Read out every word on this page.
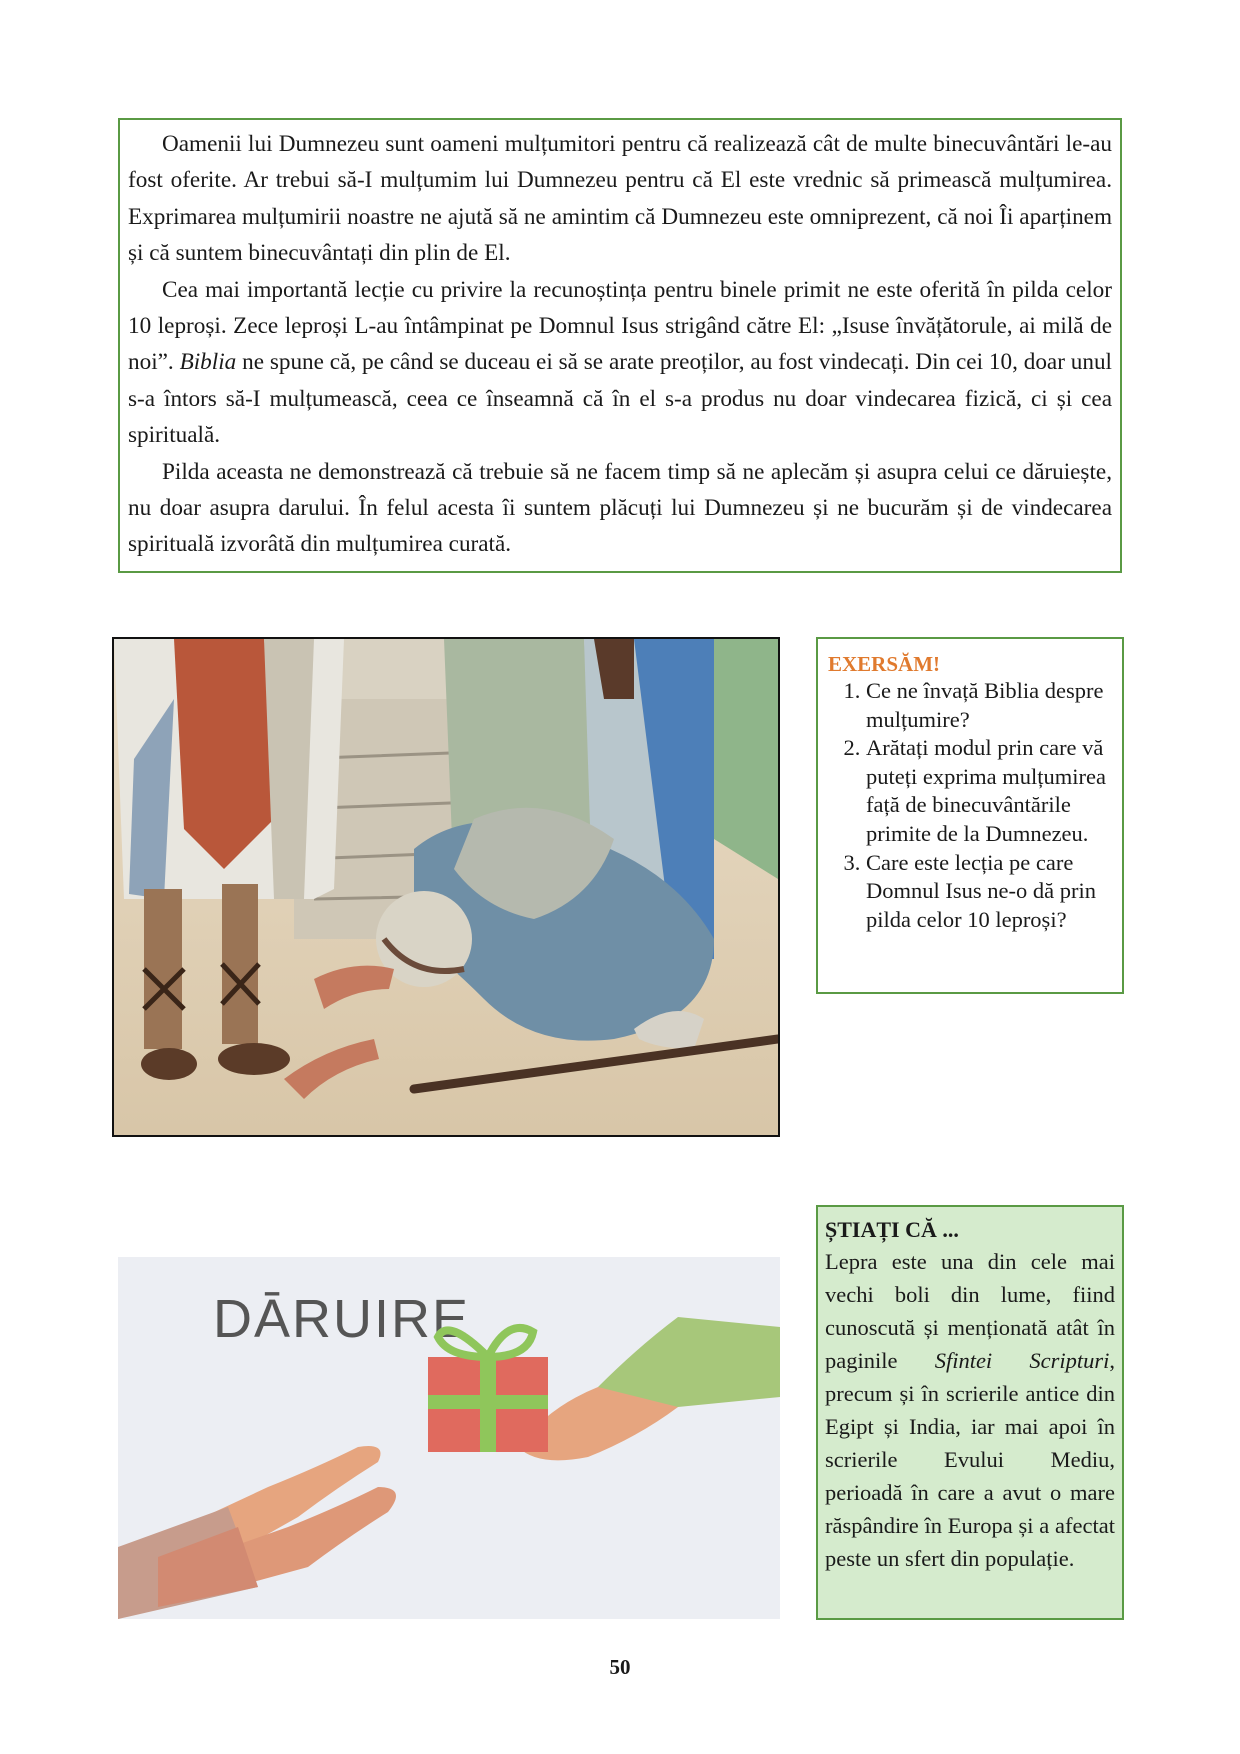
Oamenii lui Dumnezeu sunt oameni mulțumitori pentru că realizează cât de multe binecuvântări le-au fost oferite. Ar trebui să-I mulțumim lui Dumnezeu pentru că El este vrednic să primească mulțumirea. Exprimarea mulțumirii noastre ne ajută să ne amintim că Dumnezeu este omniprezent, că noi Îi aparținem și că suntem binecuvântați din plin de El.

Cea mai importantă lecție cu privire la recunoștința pentru binele primit ne este oferită în pilda celor 10 leproși. Zece leproși L-au întâmpinat pe Domnul Isus strigând către El: „Isuse învățătorule, ai milă de noi”. Biblia ne spune că, pe când se duceau ei să se arate preoților, au fost vindecați. Din cei 10, doar unul s-a întors să-I mulțumească, ceea ce înseamnă că în el s-a produs nu doar vindecarea fizică, ci și cea spirituală.

Pilda aceasta ne demonstrează că trebuie să ne facem timp să ne aplecăm și asupra celui ce dăruiește, nu doar asupra darului. În felul acesta îi suntem plăcuți lui Dumnezeu și ne bucurăm și de vindecarea spirituală izvorâtă din mulțumirea curată.

EXERSĂM!
1. Ce ne învață Biblia despre mulțumire?
2. Arătați modul prin care vă puteți exprima mulțumirea față de binecuvântările primite de la Dumnezeu.
3. Care este lecția pe care Domnul Isus ne-o dă prin pilda celor 10 leproși?
DĀRUIRE
ȘTIAȚI CĂ ...

Lepra este una din cele mai vechi boli din lume, fiind cunoscută și menționată atât în paginile Sfintei Scripturi, precum și în scrierile antice din Egipt și India, iar mai apoi în scrierile Evului Mediu, perioadă în care a avut o mare răspândire în Europa și a afectat peste un sfert din populație.

50
